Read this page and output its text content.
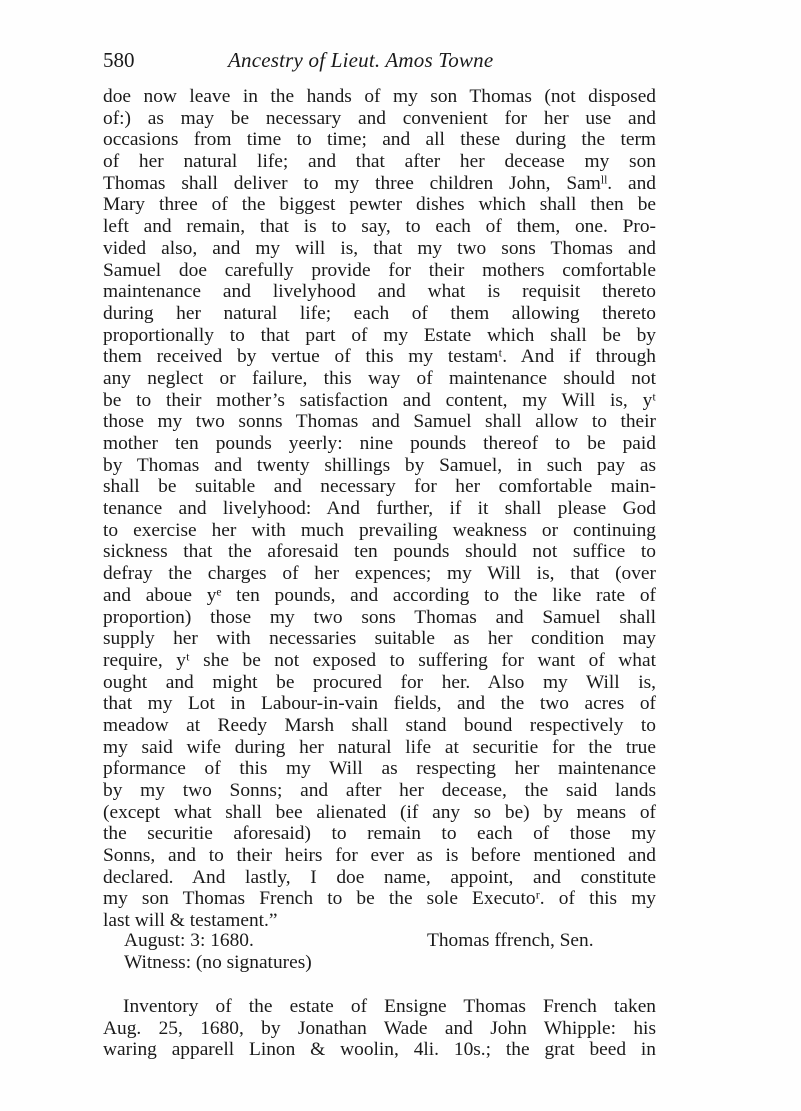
580	Ancestry of Lieut. Amos Towne
doe now leave in the hands of my son Thomas (not disposed
of:) as may be necessary and convenient for her use and
occasions from time to time; and all these during the term
of her natural life; and that after her decease my son
Thomas shall deliver to my three children John, Samˡˡ. and
Mary three of the biggest pewter dishes which shall then be
left and remain, that is to say, to each of them, one. Pro-
vided also, and my will is, that my two sons Thomas and
Samuel doe carefully provide for their mothers comfortable
maintenance and livelyhood and what is requisit thereto
during her natural life; each of them allowing thereto
proportionally to that part of my Estate which shall be by
them received by vertue of this my testamᵗ. And if through
any neglect or failure, this way of maintenance should not
be to their mother’s satisfaction and content, my Will is, yᵗ
those my two sonns Thomas and Samuel shall allow to their
mother ten pounds yeerly: nine pounds thereof to be paid
by Thomas and twenty shillings by Samuel, in such pay as
shall be suitable and necessary for her comfortable main-
tenance and livelyhood: And further, if it shall please God
to exercise her with much prevailing weakness or continuing
sickness that the aforesaid ten pounds should not suffice to
defray the charges of her expences; my Will is, that (over
and aboue yᵉ ten pounds, and according to the like rate of
proportion) those my two sons Thomas and Samuel shall
supply her with necessaries suitable as her condition may
require, yᵗ she be not exposed to suffering for want of what
ought and might be procured for her. Also my Will is,
that my Lot in Labour-in-vain fields, and the two acres of
meadow at Reedy Marsh shall stand bound respectively to
my said wife during her natural life at securitie for the true
pformance of this my Will as respecting her maintenance
by my two Sonns; and after her decease, the said lands
(except what shall bee alienated (if any so be) by means of
the securitie aforesaid) to remain to each of those my
Sonns, and to their heirs for ever as is before mentioned and
declared. And lastly, I doe name, appoint, and constitute
my son Thomas French to be the sole Executoʳ. of this my
last will & testament.”
August: 3: 1680.	Thomas ffrench, Sen.
Witness: (no signatures)
Inventory of the estate of Ensigne Thomas French taken
Aug. 25, 1680, by Jonathan Wade and John Whipple: his
waring apparell Linon & woolin, 4li. 10s.; the grat beed in
